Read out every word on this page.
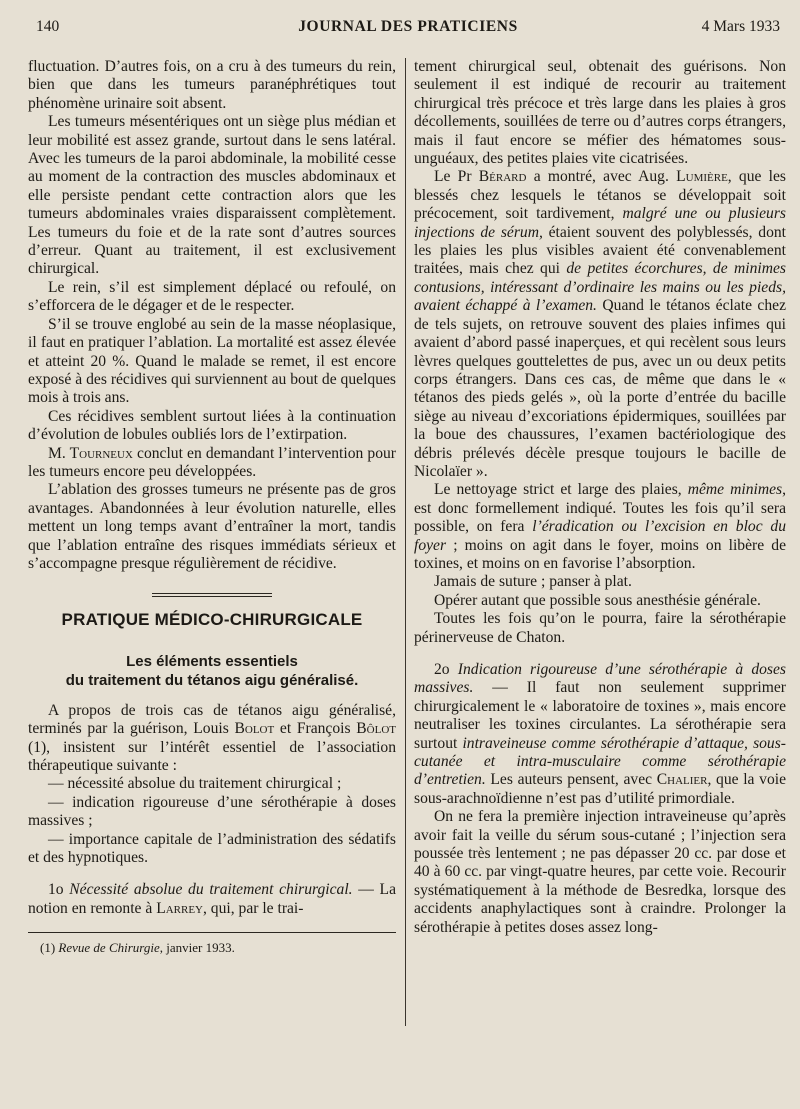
140	JOURNAL DES PRATICIENS	4 Mars 1933

fluctuation. D’autres fois, on a cru à des tumeurs du rein, bien que dans les tumeurs paranéphrétiques tout phénomène urinaire soit absent.

Les tumeurs mésentériques ont un siège plus médian et leur mobilité est assez grande, surtout dans le sens latéral. Avec les tumeurs de la paroi abdominale, la mobilité cesse au moment de la contraction des muscles abdominaux et elle persiste pendant cette contraction alors que les tumeurs abdominales vraies disparaissent complètement. Les tumeurs du foie et de la rate sont d’autres sources d’erreur. Quant au traitement, il est exclusivement chirurgical.

Le rein, s’il est simplement déplacé ou refoulé, on s’efforcera de le dégager et de le respecter.

S’il se trouve englobé au sein de la masse néoplasique, il faut en pratiquer l’ablation. La mortalité est assez élevée et atteint 20 %. Quand le malade se remet, il est encore exposé à des récidives qui surviennent au bout de quelques mois à trois ans.

Ces récidives semblent surtout liées à la continuation d’évolution de lobules oubliés lors de l’extirpation.

M. Tourneux conclut en demandant l’intervention pour les tumeurs encore peu développées.

L’ablation des grosses tumeurs ne présente pas de gros avantages. Abandonnées à leur évolution naturelle, elles mettent un long temps avant d’entraîner la mort, tandis que l’ablation entraîne des risques immédiats sérieux et s’accompagne presque régulièrement de récidive.

PRATIQUE MÉDICO-CHIRURGICALE
Les éléments essentiels
du traitement du tétanos aigu généralisé.

A propos de trois cas de tétanos aigu généralisé, terminés par la guérison, Louis Bolot et François Bôlot (1), insistent sur l’intérêt essentiel de l’association thérapeutique suivante :

— nécessité absolue du traitement chirurgical ;

— indication rigoureuse d’une sérothérapie à doses massives ;

— importance capitale de l’administration des sédatifs et des hypnotiques.

1o Nécessité absolue du traitement chirurgical. — La notion en remonte à Larrey, qui, par le trai-

(1) Revue de Chirurgie, janvier 1933.

tement chirurgical seul, obtenait des guérisons. Non seulement il est indiqué de recourir au traitement chirurgical très précoce et très large dans les plaies à gros décollements, souillées de terre ou d’autres corps étrangers, mais il faut encore se méfier des hématomes sous-unguéaux, des petites plaies vite cicatrisées.

Le Pr Bérard a montré, avec Aug. Lumière, que les blessés chez lesquels le tétanos se développait soit précocement, soit tardivement, malgré une ou plusieurs injections de sérum, étaient souvent des polyblessés, dont les plaies les plus visibles avaient été convenablement traitées, mais chez qui de petites écorchures, de minimes contusions, intéressant d’ordinaire les mains ou les pieds, avaient échappé à l’examen. Quand le tétanos éclate chez de tels sujets, on retrouve souvent des plaies infimes qui avaient d’abord passé inaperçues, et qui recèlent sous leurs lèvres quelques gouttelettes de pus, avec un ou deux petits corps étrangers. Dans ces cas, de même que dans le « tétanos des pieds gelés », où la porte d’entrée du bacille siège au niveau d’excoriations épidermiques, souillées par la boue des chaussures, l’examen bactériologique des débris prélevés décèle presque toujours le bacille de Nicolaïer ».

Le nettoyage strict et large des plaies, même minimes, est donc formellement indiqué. Toutes les fois qu’il sera possible, on fera l’éradication ou l’excision en bloc du foyer ; moins on agit dans le foyer, moins on libère de toxines, et moins on en favorise l’absorption.

Jamais de suture ; panser à plat.

Opérer autant que possible sous anesthésie générale.

Toutes les fois qu’on le pourra, faire la sérothérapie périnerveuse de Chaton.

2o Indication rigoureuse d’une sérothérapie à doses massives. — Il faut non seulement supprimer chirurgicalement le « laboratoire de toxines », mais encore neutraliser les toxines circulantes. La sérothérapie sera surtout intraveineuse comme sérothérapie d’attaque, sous-cutanée et intra-musculaire comme sérothérapie d’entretien. Les auteurs pensent, avec Chalier, que la voie sous-arachnoïdienne n’est pas d’utilité primordiale.

On ne fera la première injection intraveineuse qu’après avoir fait la veille du sérum sous-cutané ; l’injection sera poussée très lentement ; ne pas dépasser 20 cc. par dose et 40 à 60 cc. par vingt-quatre heures, par cette voie. Recourir systématiquement à la méthode de Besredka, lorsque des accidents anaphylactiques sont à craindre. Prolonger la sérothérapie à petites doses assez long-
